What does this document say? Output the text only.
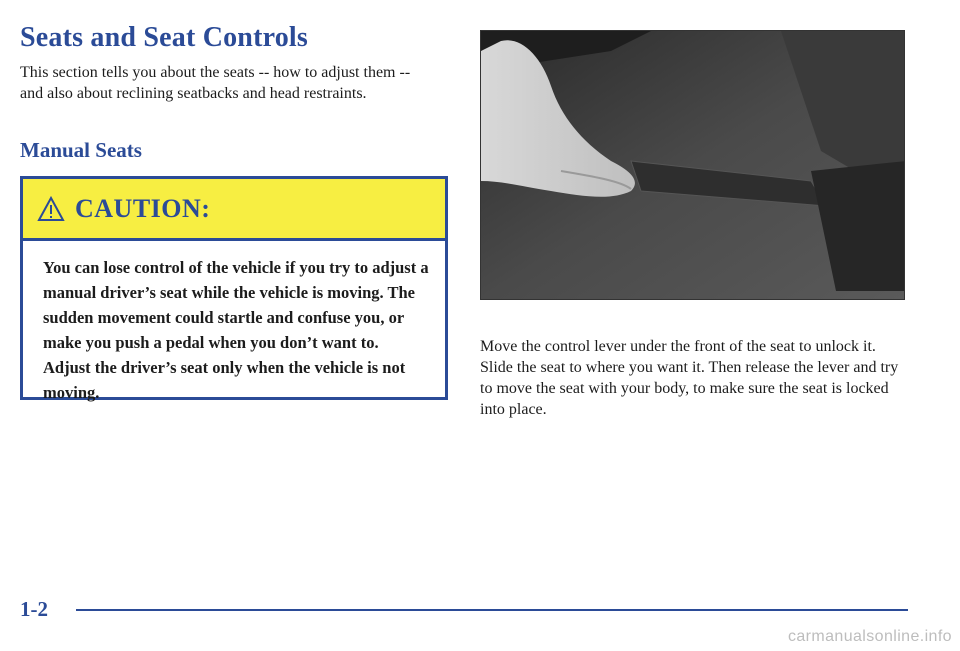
Seats and Seat Controls

This section tells you about the seats -- how to adjust them -- and also about reclining seatbacks and head restraints.

Manual Seats
CAUTION:

You can lose control of the vehicle if you try to adjust a manual driver’s seat while the vehicle is moving. The sudden movement could startle and confuse you, or make you push a pedal when you don’t want to. Adjust the driver’s seat only when the vehicle is not moving.

Move the control lever under the front of the seat to unlock it. Slide the seat to where you want it. Then release the lever and try to move the seat with your body, to make sure the seat is locked into place.

1-2
carmanualsonline.info
